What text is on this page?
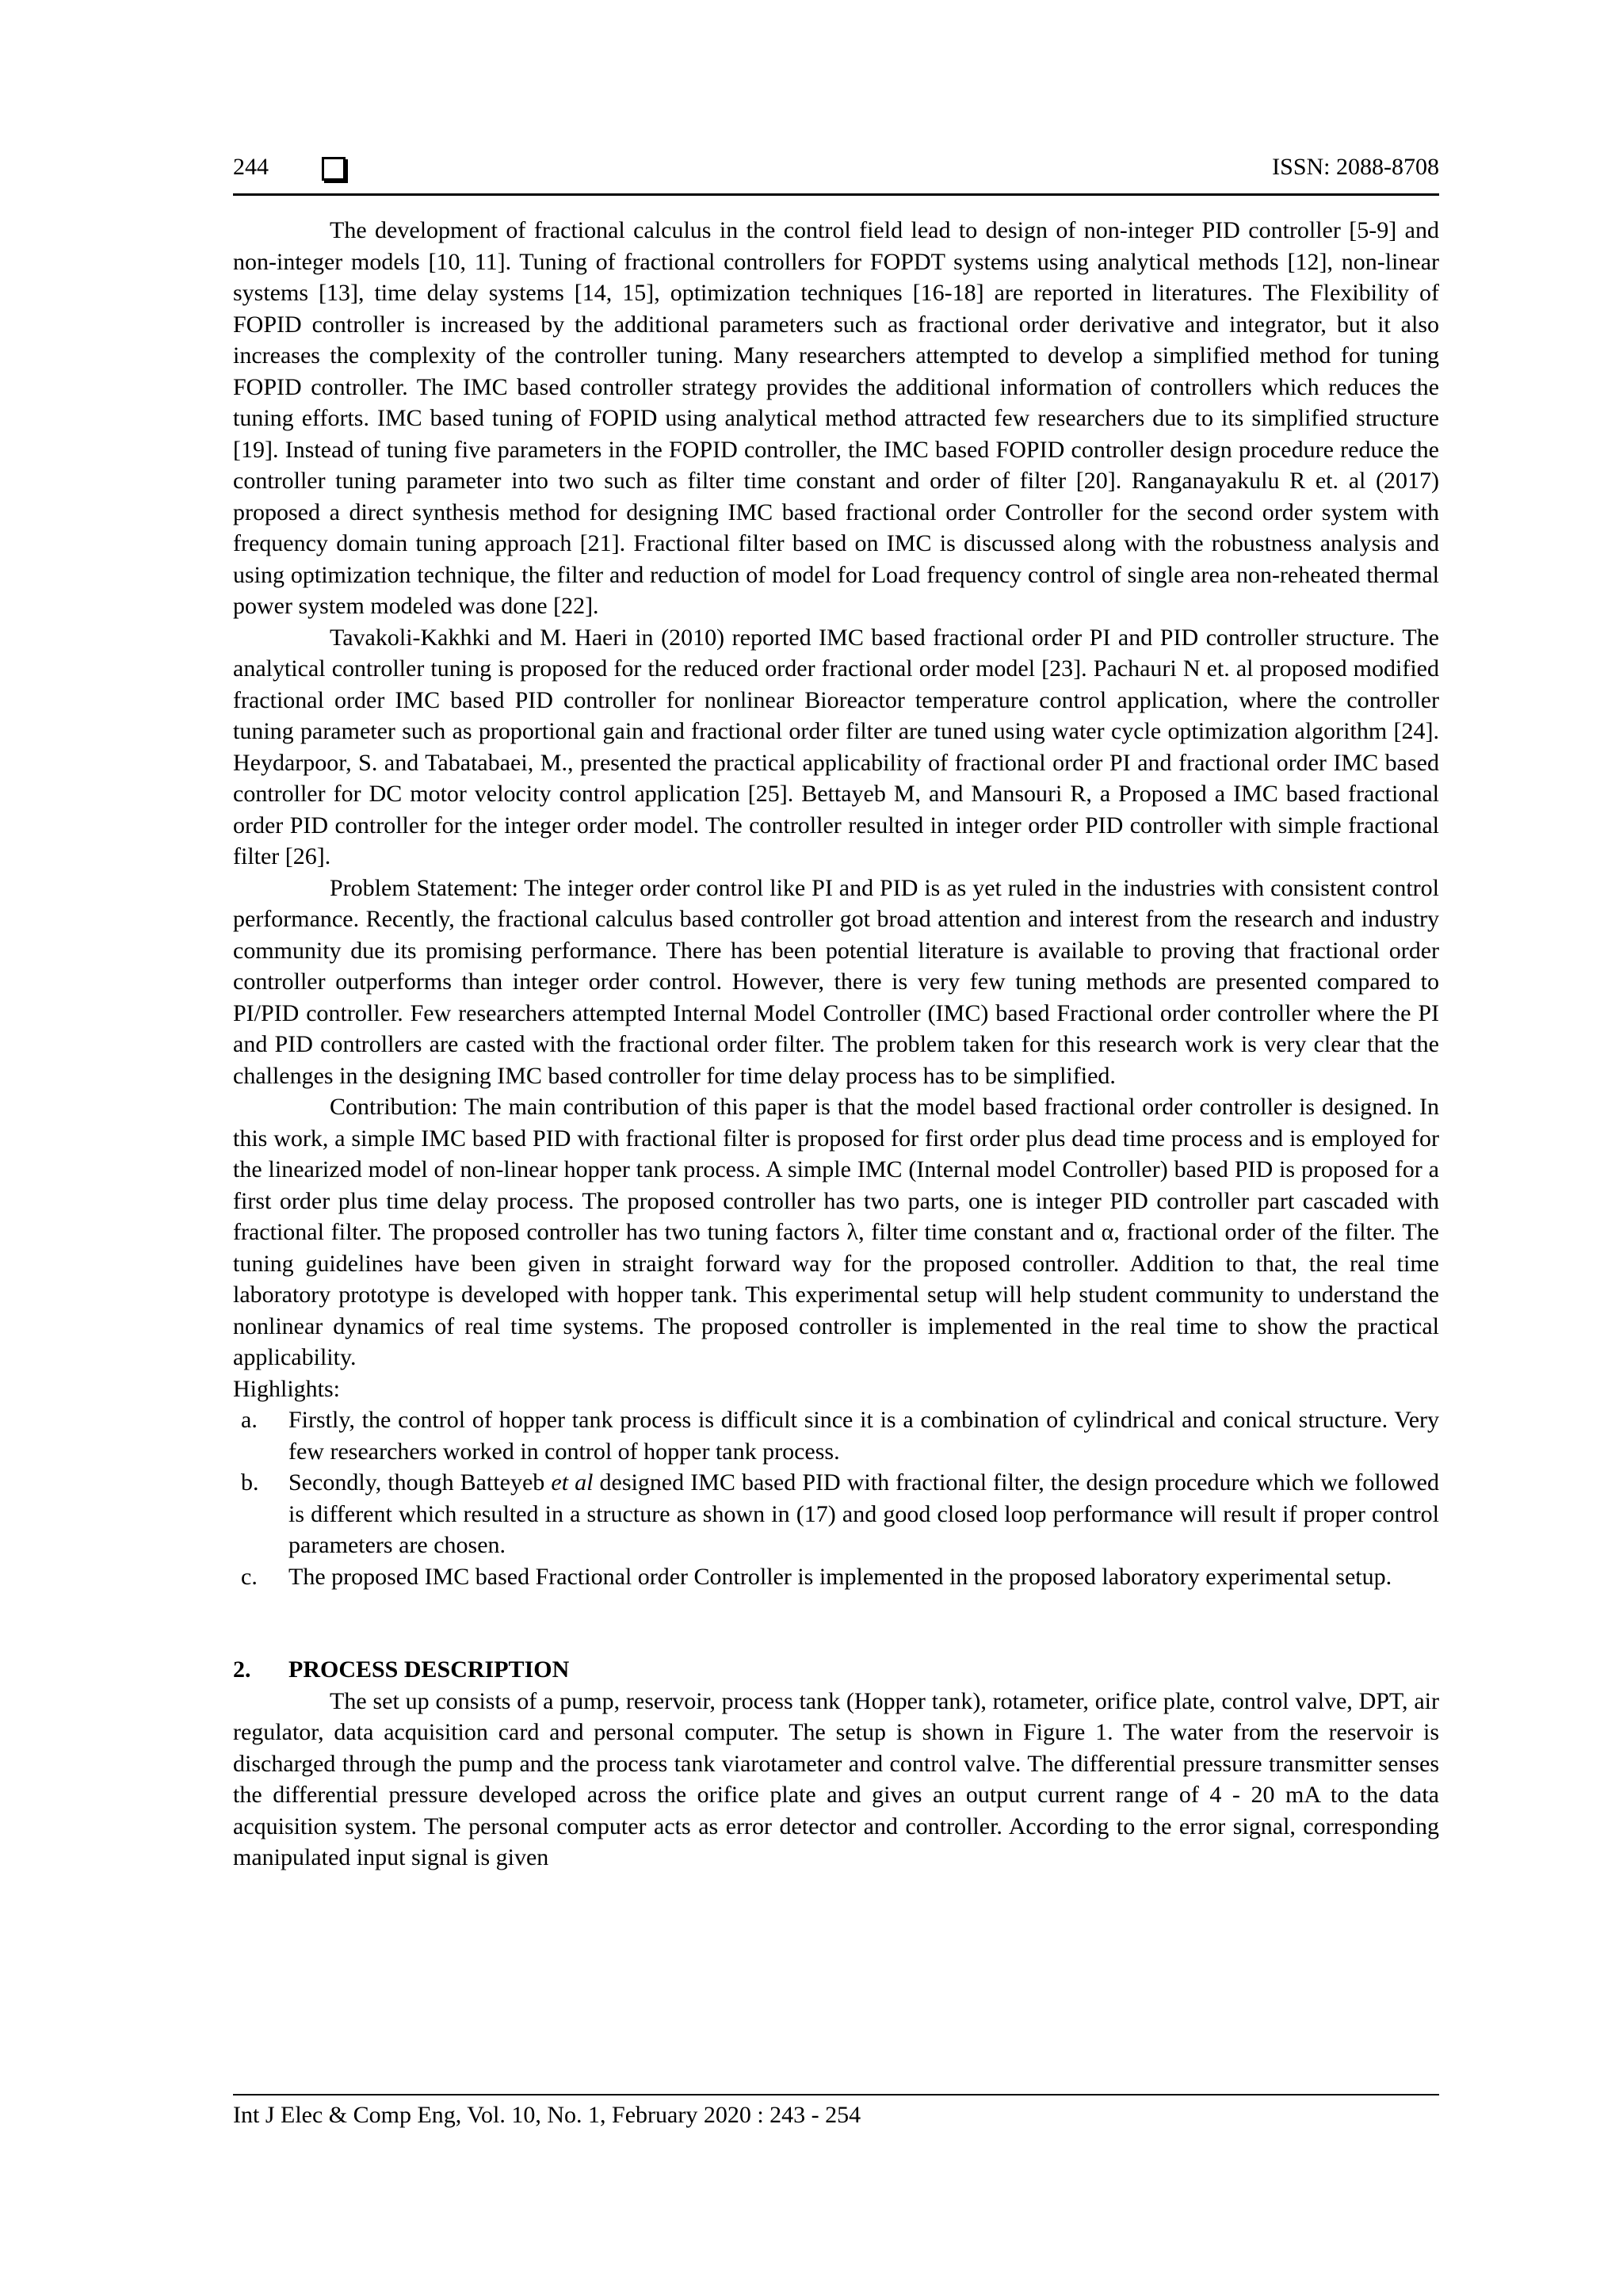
244	ISSN: 2088-8708

The development of fractional calculus in the control field lead to design of non-integer PID controller [5-9] and non-integer models [10, 11]. Tuning of fractional controllers for FOPDT systems using analytical methods [12], non-linear systems [13], time delay systems [14, 15], optimization techniques [16-18] are reported in literatures. The Flexibility of FOPID controller is increased by the additional parameters such as fractional order derivative and integrator, but it also increases the complexity of the controller tuning. Many researchers attempted to develop a simplified method for tuning FOPID controller. The IMC based controller strategy provides the additional information of controllers which reduces the tuning efforts. IMC based tuning of FOPID using analytical method attracted few researchers due to its simplified structure [19]. Instead of tuning five parameters in the FOPID controller, the IMC based FOPID controller design procedure reduce the controller tuning parameter into two such as filter time constant and order of filter [20]. Ranganayakulu R et. al (2017) proposed a direct synthesis method for designing IMC based fractional order Controller for the second order system with frequency domain tuning approach [21]. Fractional filter based on IMC is discussed along with the robustness analysis and using optimization technique, the filter and reduction of model for Load frequency control of single area non-reheated thermal power system modeled was done [22].

Tavakoli-Kakhki and M. Haeri in (2010) reported IMC based fractional order PI and PID controller structure. The analytical controller tuning is proposed for the reduced order fractional order model [23]. Pachauri N et. al proposed modified fractional order IMC based PID controller for nonlinear Bioreactor temperature control application, where the controller tuning parameter such as proportional gain and fractional order filter are tuned using water cycle optimization algorithm [24]. Heydarpoor, S. and Tabatabaei, M., presented the practical applicability of fractional order PI and fractional order IMC based controller for DC motor velocity control application [25]. Bettayeb M, and Mansouri R, a Proposed a IMC based fractional order PID controller for the integer order model. The controller resulted in integer order PID controller with simple fractional filter [26].

Problem Statement: The integer order control like PI and PID is as yet ruled in the industries with consistent control performance. Recently, the fractional calculus based controller got broad attention and interest from the research and industry community due its promising performance. There has been potential literature is available to proving that fractional order controller outperforms than integer order control. However, there is very few tuning methods are presented compared to PI/PID controller. Few researchers attempted Internal Model Controller (IMC) based Fractional order controller where the PI and PID controllers are casted with the fractional order filter. The problem taken for this research work is very clear that the challenges in the designing IMC based controller for time delay process has to be simplified.

Contribution: The main contribution of this paper is that the model based fractional order controller is designed. In this work, a simple IMC based PID with fractional filter is proposed for first order plus dead time process and is employed for the linearized model of non-linear hopper tank process. A simple IMC (Internal model Controller) based PID is proposed for a first order plus time delay process. The proposed controller has two parts, one is integer PID controller part cascaded with fractional filter. The proposed controller has two tuning factors λ, filter time constant and α, fractional order of the filter. The tuning guidelines have been given in straight forward way for the proposed controller. Addition to that, the real time laboratory prototype is developed with hopper tank. This experimental setup will help student community to understand the nonlinear dynamics of real time systems. The proposed controller is implemented in the real time to show the practical applicability.

Highlights:
a. Firstly, the control of hopper tank process is difficult since it is a combination of cylindrical and conical structure. Very few researchers worked in control of hopper tank process.
b. Secondly, though Batteyeb et al designed IMC based PID with fractional filter, the design procedure which we followed is different which resulted in a structure as shown in (17) and good closed loop performance will result if proper control parameters are chosen.
c. The proposed IMC based Fractional order Controller is implemented in the proposed laboratory experimental setup.
2. PROCESS DESCRIPTION

The set up consists of a pump, reservoir, process tank (Hopper tank), rotameter, orifice plate, control valve, DPT, air regulator, data acquisition card and personal computer. The setup is shown in Figure 1. The water from the reservoir is discharged through the pump and the process tank viarotameter and control valve. The differential pressure transmitter senses the differential pressure developed across the orifice plate and gives an output current range of 4 - 20 mA to the data acquisition system. The personal computer acts as error detector and controller. According to the error signal, corresponding manipulated input signal is given

Int J Elec & Comp Eng, Vol. 10, No. 1, February 2020 : 243 - 254
